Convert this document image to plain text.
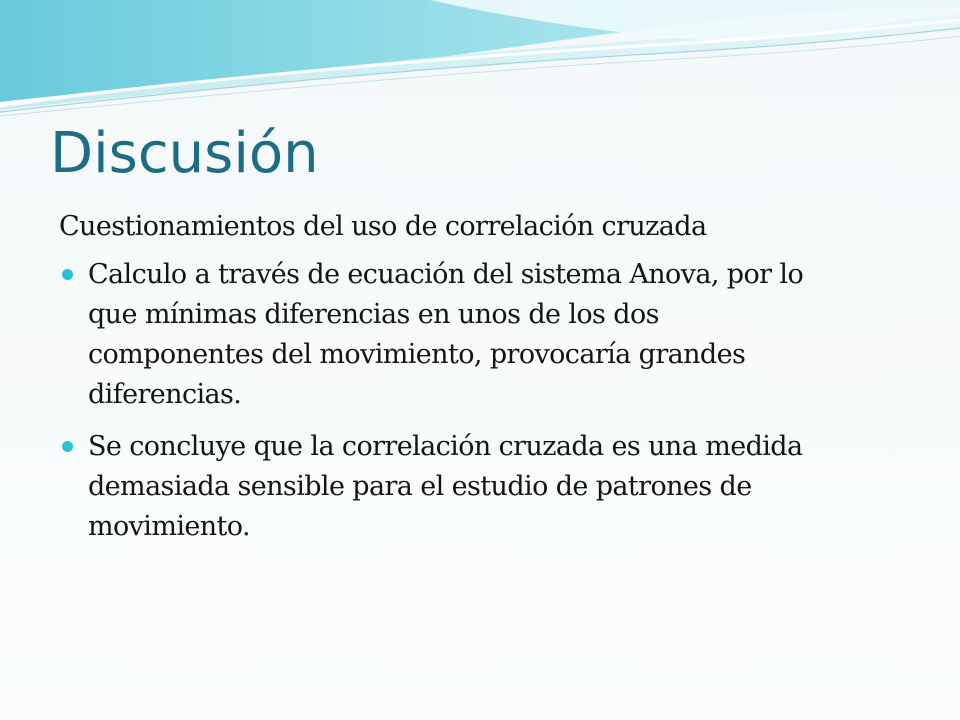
Discusión

Cuestionamientos del uso de correlación cruzada

Calculo a través de ecuación del sistema Anova, por lo
que mínimas diferencias en unos de los dos
componentes del movimiento, provocaría grandes
diferencias.
Se concluye que la correlación cruzada es una medida
demasiada sensible para el estudio de patrones de
movimiento.
